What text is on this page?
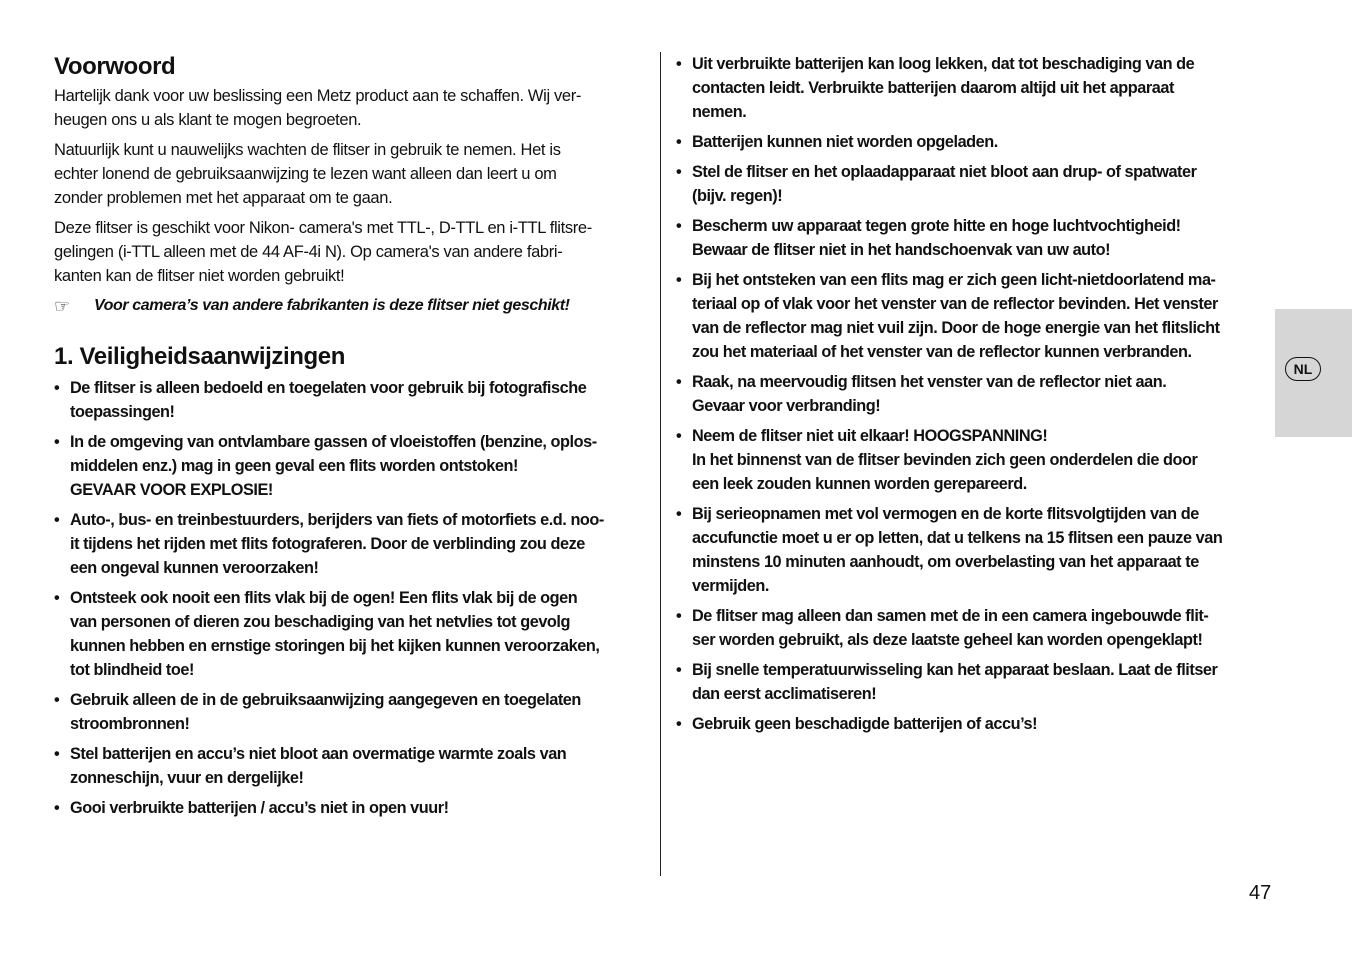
Voorwoord

Hartelijk dank voor uw beslissing een Metz product aan te schaffen. Wij ver-
heugen ons u als klant te mogen begroeten.

Natuurlijk kunt u nauwelijks wachten de flitser in gebruik te nemen. Het is
echter lonend de gebruiksaanwijzing te lezen want alleen dan leert u om
zonder problemen met het apparaat om te gaan.

Deze flitser is geschikt voor Nikon- camera's met TTL-, D-TTL en i-TTL flitsre-
gelingen (i-TTL alleen met de 44 AF-4i N). Op camera's van andere fabri-
kanten kan de flitser niet worden gebruikt!

☞	Voor camera’s van andere fabrikanten is deze flitser niet geschikt!
1. Veiligheidsaanwijzingen
• De flitser is alleen bedoeld en toegelaten voor gebruik bij fotografische
toepassingen!
• In de omgeving van ontvlambare gassen of vloeistoffen (benzine, oplos-
middelen enz.) mag in geen geval een flits worden ontstoken!
GEVAAR VOOR EXPLOSIE!
• Auto-, bus- en treinbestuurders, berijders van fiets of motorfiets e.d. noo-
it tijdens het rijden met flits fotograferen. Door de verblinding zou deze
een ongeval kunnen veroorzaken!
• Ontsteek ook nooit een flits vlak bij de ogen! Een flits vlak bij de ogen
van personen of dieren zou beschadiging van het netvlies tot gevolg
kunnen hebben en ernstige storingen bij het kijken kunnen veroorzaken,
tot blindheid toe!
• Gebruik alleen de in de gebruiksaanwijzing aangegeven en toegelaten
stroombronnen!
• Stel batterijen en accu’s niet bloot aan overmatige warmte zoals van
zonneschijn, vuur en dergelijke!
• Gooi verbruikte batterijen / accu’s niet in open vuur!
• Uit verbruikte batterijen kan loog lekken, dat tot beschadiging van de
contacten leidt. Verbruikte batterijen daarom altijd uit het apparaat
nemen.
• Batterijen kunnen niet worden opgeladen.
• Stel de flitser en het oplaadapparaat niet bloot aan drup- of spatwater
(bijv. regen)!
• Bescherm uw apparaat tegen grote hitte en hoge luchtvochtigheid!
Bewaar de flitser niet in het handschoenvak van uw auto!
• Bij het ontsteken van een flits mag er zich geen licht-nietdoorlatend ma-
teriaal op of vlak voor het venster van de reflector bevinden. Het venster
van de reflector mag niet vuil zijn. Door de hoge energie van het flitslicht
zou het materiaal of het venster van de reflector kunnen verbranden.
• Raak, na meervoudig flitsen het venster van de reflector niet aan.
Gevaar voor verbranding!
• Neem de flitser niet uit elkaar! HOOGSPANNING!
In het binnenst van de flitser bevinden zich geen onderdelen die door
een leek zouden kunnen worden gerepareerd.
• Bij serieopnamen met vol vermogen en de korte flitsvolgtijden van de
accufunctie moet u er op letten, dat u telkens na 15 flitsen een pauze van
minstens 10 minuten aanhoudt, om overbelasting van het apparaat te
vermijden.
• De flitser mag alleen dan samen met de in een camera ingebouwde flit-
ser worden gebruikt, als deze laatste geheel kan worden opengeklapt!
• Bij snelle temperatuurwisseling kan het apparaat beslaan. Laat de flitser
dan eerst acclimatiseren!
• Gebruik geen beschadigde batterijen of accu’s!
NL
47
